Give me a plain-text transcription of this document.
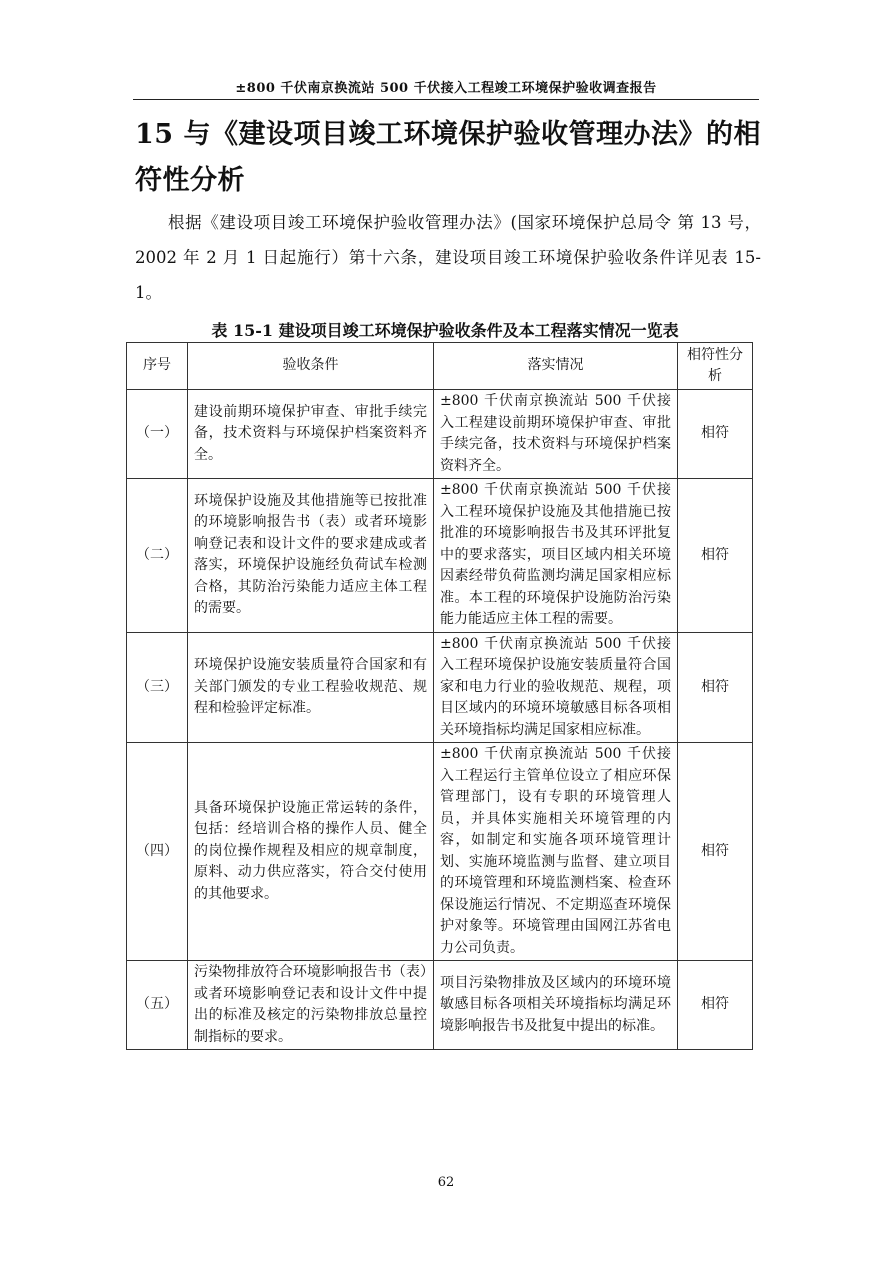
±800 千伏南京换流站 500 千伏接入工程竣工环境保护验收调查报告
15 与《建设项目竣工环境保护验收管理办法》的相符性分析

根据《建设项目竣工环境保护验收管理办法》(国家环境保护总局令 第 13 号，2002 年 2 月 1 日起施行）第十六条，建设项目竣工环境保护验收条件详见表 15-1。

表 15-1 建设项目竣工环境保护验收条件及本工程落实情况一览表
序号	验收条件	落实情况	相符性分析
（一）	建设前期环境保护审查、审批手续完备，技术资料与环境保护档案资料齐全。	±800 千伏南京换流站 500 千伏接入工程建设前期环境保护审查、审批手续完备，技术资料与环境保护档案资料齐全。	相符
（二）	环境保护设施及其他措施等已按批准的环境影响报告书（表）或者环境影响登记表和设计文件的要求建成或者落实，环境保护设施经负荷试车检测合格，其防治污染能力适应主体工程的需要。	±800 千伏南京换流站 500 千伏接入工程环境保护设施及其他措施已按批准的环境影响报告书及其环评批复中的要求落实，项目区域内相关环境因素经带负荷监测均满足国家相应标准。本工程的环境保护设施防治污染能力能适应主体工程的需要。	相符
（三）	环境保护设施安装质量符合国家和有关部门颁发的专业工程验收规范、规程和检验评定标准。	±800 千伏南京换流站 500 千伏接入工程环境保护设施安装质量符合国家和电力行业的验收规范、规程，项目区域内的环境环境敏感目标各项相关环境指标均满足国家相应标准。	相符
（四）	具备环境保护设施正常运转的条件，包括：经培训合格的操作人员、健全的岗位操作规程及相应的规章制度，原料、动力供应落实，符合交付使用的其他要求。	±800 千伏南京换流站 500 千伏接入工程运行主管单位设立了相应环保管理部门，设有专职的环境管理人员，并具体实施相关环境管理的内容，如制定和实施各项环境管理计划、实施环境监测与监督、建立项目的环境管理和环境监测档案、检查环保设施运行情况、不定期巡查环境保护对象等。环境管理由国网江苏省电力公司负责。	相符
（五）	污染物排放符合环境影响报告书（表）或者环境影响登记表和设计文件中提出的标准及核定的污染物排放总量控制指标的要求。	项目污染物排放及区域内的环境环境敏感目标各项相关环境指标均满足环境影响报告书及批复中提出的标准。	相符
62
